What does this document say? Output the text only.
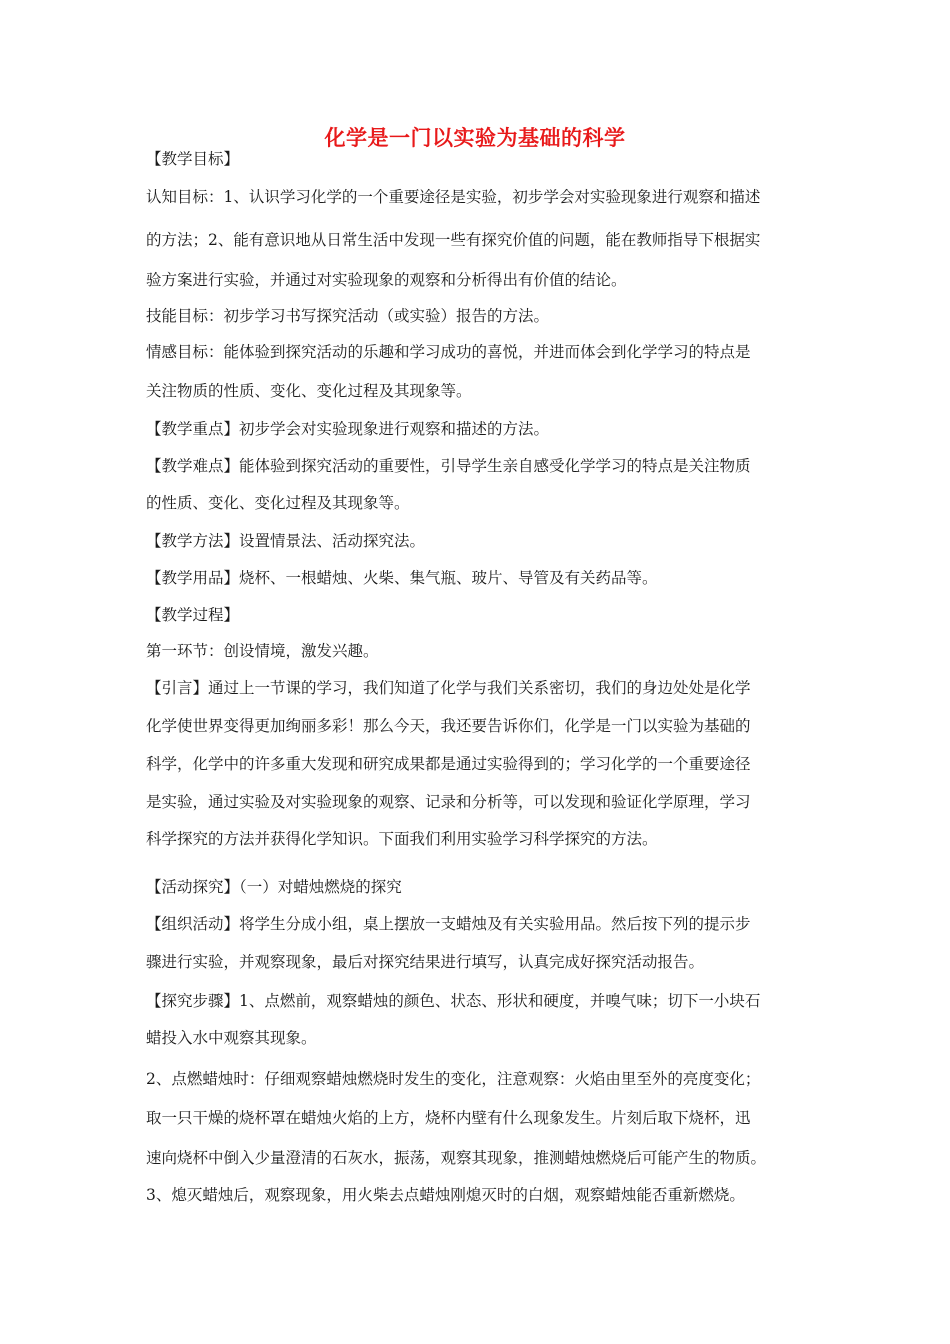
化学是一门以实验为基础的科学
【教学目标】
认知目标：1、认识学习化学的一个重要途径是实验，初步学会对实验现象进行观察和描述
的方法；2、能有意识地从日常生活中发现一些有探究价值的问题，能在教师指导下根据实
验方案进行实验，并通过对实验现象的观察和分析得出有价值的结论。
技能目标：初步学习书写探究活动（或实验）报告的方法。
情感目标：能体验到探究活动的乐趣和学习成功的喜悦，并进而体会到化学学习的特点是
关注物质的性质、变化、变化过程及其现象等。
【教学重点】初步学会对实验现象进行观察和描述的方法。
【教学难点】能体验到探究活动的重要性，引导学生亲自感受化学学习的特点是关注物质
的性质、变化、变化过程及其现象等。
【教学方法】设置情景法、活动探究法。
【教学用品】烧杯、一根蜡烛、火柴、集气瓶、玻片、导管及有关药品等。
【教学过程】
第一环节：创设情境，激发兴趣。
【引言】通过上一节课的学习，我们知道了化学与我们关系密切，我们的身边处处是化学
化学使世界变得更加绚丽多彩！那么今天，我还要告诉你们，化学是一门以实验为基础的
科学，化学中的许多重大发现和研究成果都是通过实验得到的；学习化学的一个重要途径
是实验，通过实验及对实验现象的观察、记录和分析等，可以发现和验证化学原理，学习
科学探究的方法并获得化学知识。下面我们利用实验学习科学探究的方法。
【活动探究】（一）对蜡烛燃烧的探究
【组织活动】将学生分成小组，桌上摆放一支蜡烛及有关实验用品。然后按下列的提示步
骤进行实验，并观察现象，最后对探究结果进行填写，认真完成好探究活动报告。
【探究步骤】1、点燃前，观察蜡烛的颜色、状态、形状和硬度，并嗅气味；切下一小块石
蜡投入水中观察其现象。
2、点燃蜡烛时：仔细观察蜡烛燃烧时发生的变化，注意观察：火焰由里至外的亮度变化；
取一只干燥的烧杯罩在蜡烛火焰的上方，烧杯内壁有什么现象发生。片刻后取下烧杯，迅
速向烧杯中倒入少量澄清的石灰水，振荡，观察其现象，推测蜡烛燃烧后可能产生的物质。
3、熄灭蜡烛后，观察现象，用火柴去点蜡烛刚熄灭时的白烟，观察蜡烛能否重新燃烧。
